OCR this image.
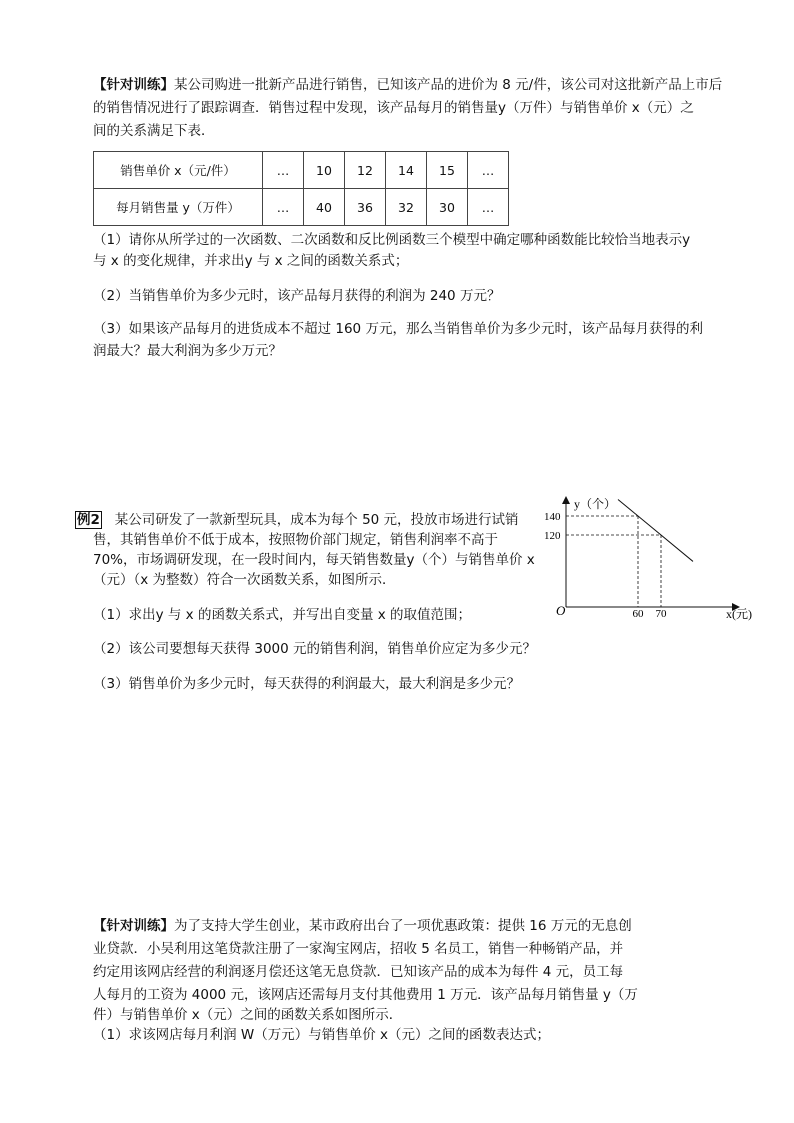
【针对训练】某公司购进一批新产品进行销售，已知该产品的进价为 8 元/件，该公司对这批新产品上市后
的销售情况进行了跟踪调查．销售过程中发现，该产品每月的销售量y（万件）与销售单价 x（元）之
间的关系满足下表．
销售单价 x（元/件）	…	10	12	14	15	…
每月销售量 y（万件）	…	40	36	32	30	…
（1）请你从所学过的一次函数、二次函数和反比例函数三个模型中确定哪种函数能比较恰当地表示y
与 x 的变化规律，并求出y 与 x 之间的函数关系式；
（2）当销售单价为多少元时，该产品每月获得的利润为 240 万元？
（3）如果该产品每月的进货成本不超过 160 万元，那么当销售单价为多少元时，该产品每月获得的利
润最大？最大利润为多少万元？
例2 某公司研发了一款新型玩具，成本为每个 50 元，投放市场进行试销
售，其销售单价不低于成本，按照物价部门规定，销售利润率不高于
70%，市场调研发现，在一段时间内，每天销售数量y（个）与销售单价 x
（元）（x 为整数）符合一次函数关系，如图所示．
（1）求出y 与 x 的函数关系式，并写出自变量 x 的取值范围；
（2）该公司要想每天获得 3000 元的销售利润，销售单价应定为多少元？
（3）销售单价为多少元时，每天获得的利润最大，最大利润是多少元？
y（个）
x(元)
O
140
120
60 70
【针对训练】为了支持大学生创业，某市政府出台了一项优惠政策：提供 16 万元的无息创
业贷款．小吴利用这笔贷款注册了一家淘宝网店，招收 5 名员工，销售一种畅销产品，并
约定用该网店经营的利润逐月偿还这笔无息贷款．已知该产品的成本为每件 4 元，员工每
人每月的工资为 4000 元，该网店还需每月支付其他费用 1 万元．该产品每月销售量 y（万
件）与销售单价 x（元）之间的函数关系如图所示．
（1）求该网店每月利润 W（万元）与销售单价 x（元）之间的函数表达式；
